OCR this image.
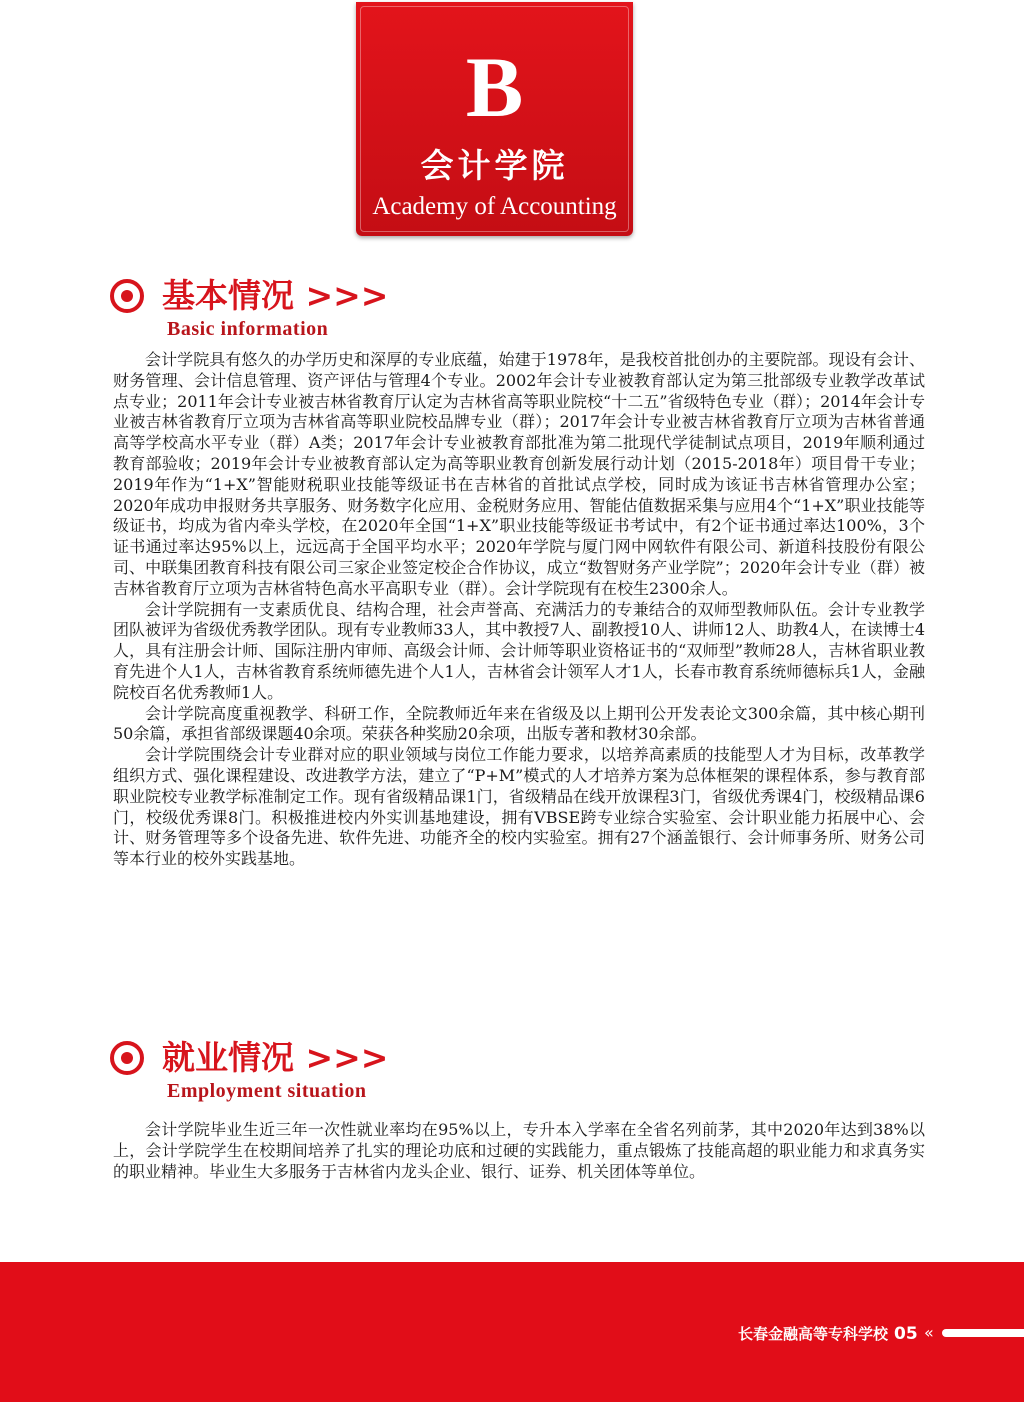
B
会计学院
Academy of Accounting
基本情况 >>>
Basic information

会计学院具有悠久的办学历史和深厚的专业底蕴，始建于1978年，是我校首批创办的主要院部。现设有会计、财务管理、会计信息管理、资产评估与管理4个专业。2002年会计专业被教育部认定为第三批部级专业教学改革试点专业；2011年会计专业被吉林省教育厅认定为吉林省高等职业院校“十二五”省级特色专业（群）；2014年会计专业被吉林省教育厅立项为吉林省高等职业院校品牌专业（群）；2017年会计专业被吉林省教育厅立项为吉林省普通高等学校高水平专业（群）A类；2017年会计专业被教育部批准为第二批现代学徒制试点项目，2019年顺利通过教育部验收；2019年会计专业被教育部认定为高等职业教育创新发展行动计划（2015-2018年）项目骨干专业；2019年作为“1+X”智能财税职业技能等级证书在吉林省的首批试点学校，同时成为该证书吉林省管理办公室；2020年成功申报财务共享服务、财务数字化应用、金税财务应用、智能估值数据采集与应用4个“1+X”职业技能等级证书，均成为省内牵头学校，在2020年全国“1+X”职业技能等级证书考试中，有2个证书通过率达100%，3个证书通过率达95%以上，远远高于全国平均水平；2020年学院与厦门网中网软件有限公司、新道科技股份有限公司、中联集团教育科技有限公司三家企业签定校企合作协议，成立“数智财务产业学院”；2020年会计专业（群）被吉林省教育厅立项为吉林省特色高水平高职专业（群）。会计学院现有在校生2300余人。

会计学院拥有一支素质优良、结构合理，社会声誉高、充满活力的专兼结合的双师型教师队伍。会计专业教学团队被评为省级优秀教学团队。现有专业教师33人，其中教授7人、副教授10人、讲师12人、助教4人，在读博士4人，具有注册会计师、国际注册内审师、高级会计师、会计师等职业资格证书的“双师型”教师28人，吉林省职业教育先进个人1人，吉林省教育系统师德先进个人1人，吉林省会计领军人才1人，长春市教育系统师德标兵1人，金融院校百名优秀教师1人。

会计学院高度重视教学、科研工作，全院教师近年来在省级及以上期刊公开发表论文300余篇，其中核心期刊50余篇，承担省部级课题40余项。荣获各种奖励20余项，出版专著和教材30余部。

会计学院围绕会计专业群对应的职业领域与岗位工作能力要求，以培养高素质的技能型人才为目标，改革教学组织方式、强化课程建设、改进教学方法，建立了“P+M”模式的人才培养方案为总体框架的课程体系，参与教育部职业院校专业教学标准制定工作。现有省级精品课1门，省级精品在线开放课程3门，省级优秀课4门，校级精品课6门，校级优秀课8门。积极推进校内外实训基地建设，拥有VBSE跨专业综合实验室、会计职业能力拓展中心、会计、财务管理等多个设备先进、软件先进、功能齐全的校内实验室。拥有27个涵盖银行、会计师事务所、财务公司等本行业的校外实践基地。

就业情况 >>>
Employment situation

会计学院毕业生近三年一次性就业率均在95%以上，专升本入学率在全省名列前茅，其中2020年达到38%以上，会计学院学生在校期间培养了扎实的理论功底和过硬的实践能力，重点锻炼了技能高超的职业能力和求真务实的职业精神。毕业生大多服务于吉林省内龙头企业、银行、证券、机关团体等单位。

长春金融高等专科学校 05 «
